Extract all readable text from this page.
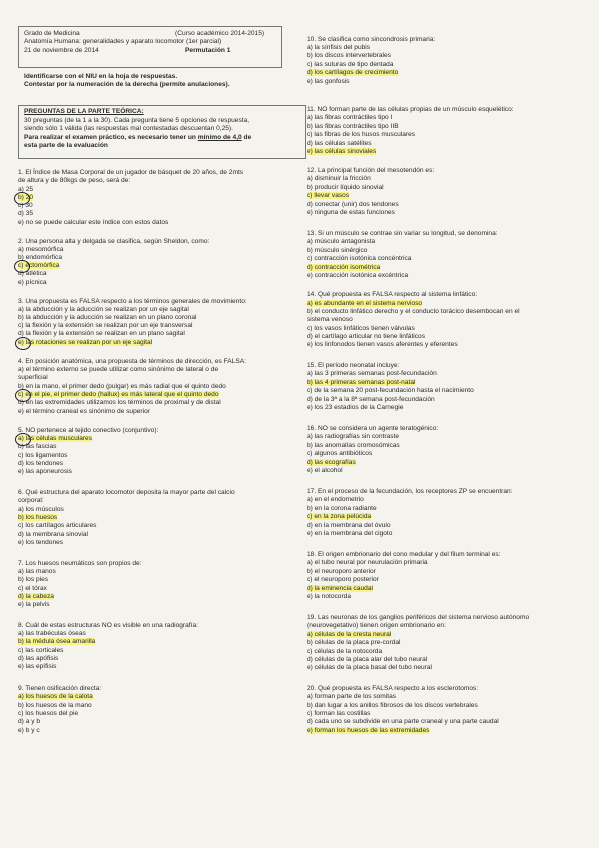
Grado de Medicina	(Curso académico 2014-2015)
Anatomía Humana: generalidades y aparato locomotor (1er parcial)
21 de noviembre de 2014	Permutación 1
Identificarse con el NIU en la hoja de respuestas.
Contestar por la numeración de la derecha (permite anulaciones).
PREGUNTAS DE LA PARTE TEÓRICA:
30 preguntas (de la 1 a la 30). Cada pregunta tiene 5 opciones de respuesta,
siendo sólo 1 válida (las respuestas mal contestadas descuentan 0,25).
Para realizar el examen práctico, es necesario tener un mínimo de 4,0 de
esta parte de la evaluación
1. El Índice de Masa Corporal de un jugador de básquet de 20 años, de 2mts
de altura y de 80kgs de peso, será de:
a) 25
b) 20
c) 30
d) 35
e) no se puede calcular este índice con estos datos
2. Una persona alta y delgada se clasifica, según Sheldon, como:
a) mesomórfica
b) endomórfica
c) ectomórfica
d) atlética
e) pícnica
3. Una propuesta es FALSA respecto a los términos generales de movimiento:
a) la abducción y la aducción se realizan por un eje sagital
b) la abducción y la aducción se realizan en un plano coronal
c) la flexión y la extensión se realizan por un eje transversal
d) la flexión y la extensión se realizan en un plano sagital
e) las rotaciones se realizan por un eje sagital
4. En posición anatómica, una propuesta de términos de dirección, es FALSA:
a) el término externo se puede utilizar como sinónimo de lateral o de
superficial
b) en la mano, el primer dedo (pulgar) es más radial que el quinto dedo
c) en el pie, el primer dedo (hallux) es más lateral que el quinto dedo
d) en las extremidades utilizamos los términos de proximal y de distal
e) el término craneal es sinónimo de superior
5. NO pertenece al tejido conectivo (conjuntivo):
a) las células musculares
b) las fascias
c) los ligamentos
d) los tendones
e) las aponeurosis
6. Qué estructura del aparato locomotor deposita la mayor parte del calcio
corporal:
a) los músculos
b) los huesos
c) los cartílagos articulares
d) la membrana sinovial
e) los tendones
7. Los huesos neumáticos son propios de:
a) las manos
b) los pies
c) el tórax
d) la cabeza
e) la pelvis
8. Cuál de estas estructuras NO es visible en una radiografía:
a) las trabéculas óseas
b) la médula ósea amarilla
c) las corticales
d) las apófisis
e) las epífisis
9. Tienen osificación directa:
a) los huesos de la calota
b) los huesos de la mano
c) los huesos del pie
d) a y b
e) b y c
10. Se clasifica como sincondrosis primaria:
a) la sínfisis del pubis
b) los discos intervertebrales
c) las suturas de tipo dentada
d) los cartílagos de crecimiento
e) las gonfosis
11. NO forman parte de las células propias de un músculo esquelético:
a) las fibras contráctiles tipo I
b) las fibras contráctiles tipo IIB
c) las fibras de los husos musculares
d) las células satélites
e) las células sinoviales
12. La principal función del mesotendón es:
a) disminuir la fricción
b) producir líquido sinovial
c) llevar vasos
d) conectar (unir) dos tendones
e) ninguna de estas funciones
13. Si un músculo se contrae sin variar su longitud, se denomina:
a) músculo antagonista
b) músculo sinérgico
c) contracción isotónica concéntrica
d) contracción isométrica
e) contracción isotónica excéntrica
14. Qué propuesta es FALSA respecto al sistema linfático:
a) es abundante en el sistema nervioso
b) el conducto linfático derecho y el conducto torácico desembocan en el
sistema venoso
c) los vasos linfáticos tienen válvulas
d) el cartílago articular no tiene linfáticos
e) los linfonodos tienen vasos aferentes y eferentes
15. El período neonatal incluye:
a) las 3 primeras semanas post-fecundación
b) las 4 primeras semanas post-natal
c) de la semana 20 post-fecundación hasta el nacimiento
d) de la 3ª a la 8ª semana post-fecundación
e) los 23 estadios de la Carnegie
16. NO se considera un agente teratogénico:
a) las radiografías sin contraste
b) las anomalías cromosómicas
c) algunos antibióticos
d) las ecografías
e) el alcohol
17. En el proceso de la fecundación, los receptores ZP se encuentran:
a) en el endometrio
b) en la corona radiante
c) en la zona pelúcida
d) en la membrana del óvulo
e) en la membrana del cigoto
18. El origen embrionario del cono medular y del filum terminal es:
a) el tubo neural por neurulación primaria
b) el neuroporo anterior
c) el neuroporo posterior
d) la eminencia caudal
e) la notocorda
19. Las neuronas de los ganglios periféricos del sistema nervioso autónomo
(neurovegetativo) tienen origen embrionario en:
a) células de la cresta neural
b) células de la placa pre-cordal
c) células de la notocorda
d) células de la placa alar del tubo neural
e) células de la placa basal del tubo neural
20. Qué propuesta es FALSA respecto a los esclerotomos:
a) forman parte de los somitas
b) dan lugar a los anillos fibrosos de los discos vertebrales
c) forman las costillas
d) cada uno se subdivide en una parte craneal y una parte caudal
e) forman los huesos de las extremidades
